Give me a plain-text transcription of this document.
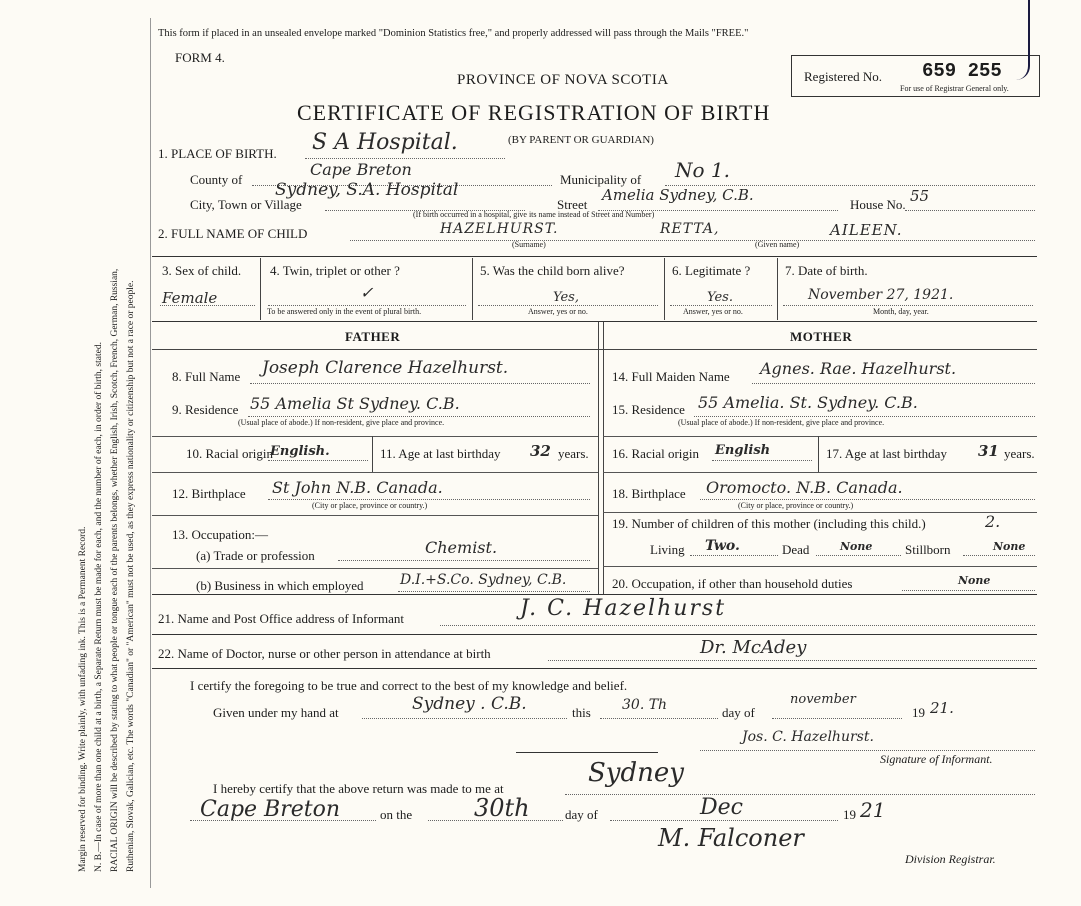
Margin reserved for binding. Write plainly, with unfading ink. This is a Permanent Record. N. B.—In case of more than one child at a birth, a Separate Return must be made for each, and the number of each, in order of birth, stated. RACIAL ORIGIN will be described by stating to what people or tongue each of the parents belongs, whether English, Irish, Scotch, French, German, Russian, Ruthenian, Slovak, Galician, etc. The words "Canadian" or "American" must not be used, as they express nationality or citizenship but not a race or people.
This form if placed in an unsealed envelope marked "Dominion Statistics free," and properly addressed will pass through the Mails "FREE."
FORM 4.
PROVINCE OF NOVA SCOTIA
CERTIFICATE OF REGISTRATION OF BIRTH
Registered No. 659 255
For use of Registrar General only.
1. PLACE OF BIRTH. S A Hospital.	(BY PARENT OR GUARDIAN)
County of
Cape Breton
Municipality of No 1.
City, Town or Village
Sydney, S.A. Hospital
Street
Amelia Sydney, C.B.
House No. 55
(If birth occurred in a hospital, give its name instead of Street and Number)
2. FULL NAME OF CHILD	HAZELHURST.	RETTA,	AILEEN.
(Surname)	(Given name)
3. Sex of child.
Female
4. Twin, triplet or other ?
✓
To be answered only in the event of plural birth.
5. Was the child born alive?
Yes,
Answer, yes or no.
6. Legitimate ?
Yes.
Answer, yes or no.
7. Date of birth.
November 27, 1921.
Month, day, year.
FATHER	MOTHER
8. Full Name Joseph Clarence Hazelhurst.
9. Residence 55 Amelia St Sydney. C.B.
(Usual place of abode.) If non-resident, give place and province.
10. Racial origin
English.	11. Age at last birthday 32 years.
12. Birthplace St John N.B. Canada.
(City or place, province or country.)
13. Occupation:—
(a) Trade or profession	Chemist.
(b) Business in which employed	D.I.+S.Co. Sydney, C.B.
14. Full Maiden Name Agnes. Rae. Hazelhurst.
15. Residence 55 Amelia. St. Sydney. C.B.
(Usual place of abode.) If non-resident, give place and province.
16. Racial origin English	17. Age at last birthday 31 years.
18. Birthplace Oromocto. N.B. Canada.
(City or place, province or country.)
19. Number of children of this mother (including this child.)	2.
Living Two.	Dead	None	Stillborn	None
20. Occupation, if other than household duties	None
21. Name and Post Office address of Informant	J. C. Hazelhurst
22. Name of Doctor, nurse or other person in attendance at birth	Dr. McAdey
I certify the foregoing to be true and correct to the best of my knowledge and belief.
Given under my hand at	Sydney . C.B.	this 30. Th	day of
november
19 21.
Jos. C. Hazelhurst.
Signature of Informant.
I hereby certify that the above return was made to me at
Sydney
Cape Breton	on the	30th	day of	Dec	19 21
M. Falconer
Division Registrar.
